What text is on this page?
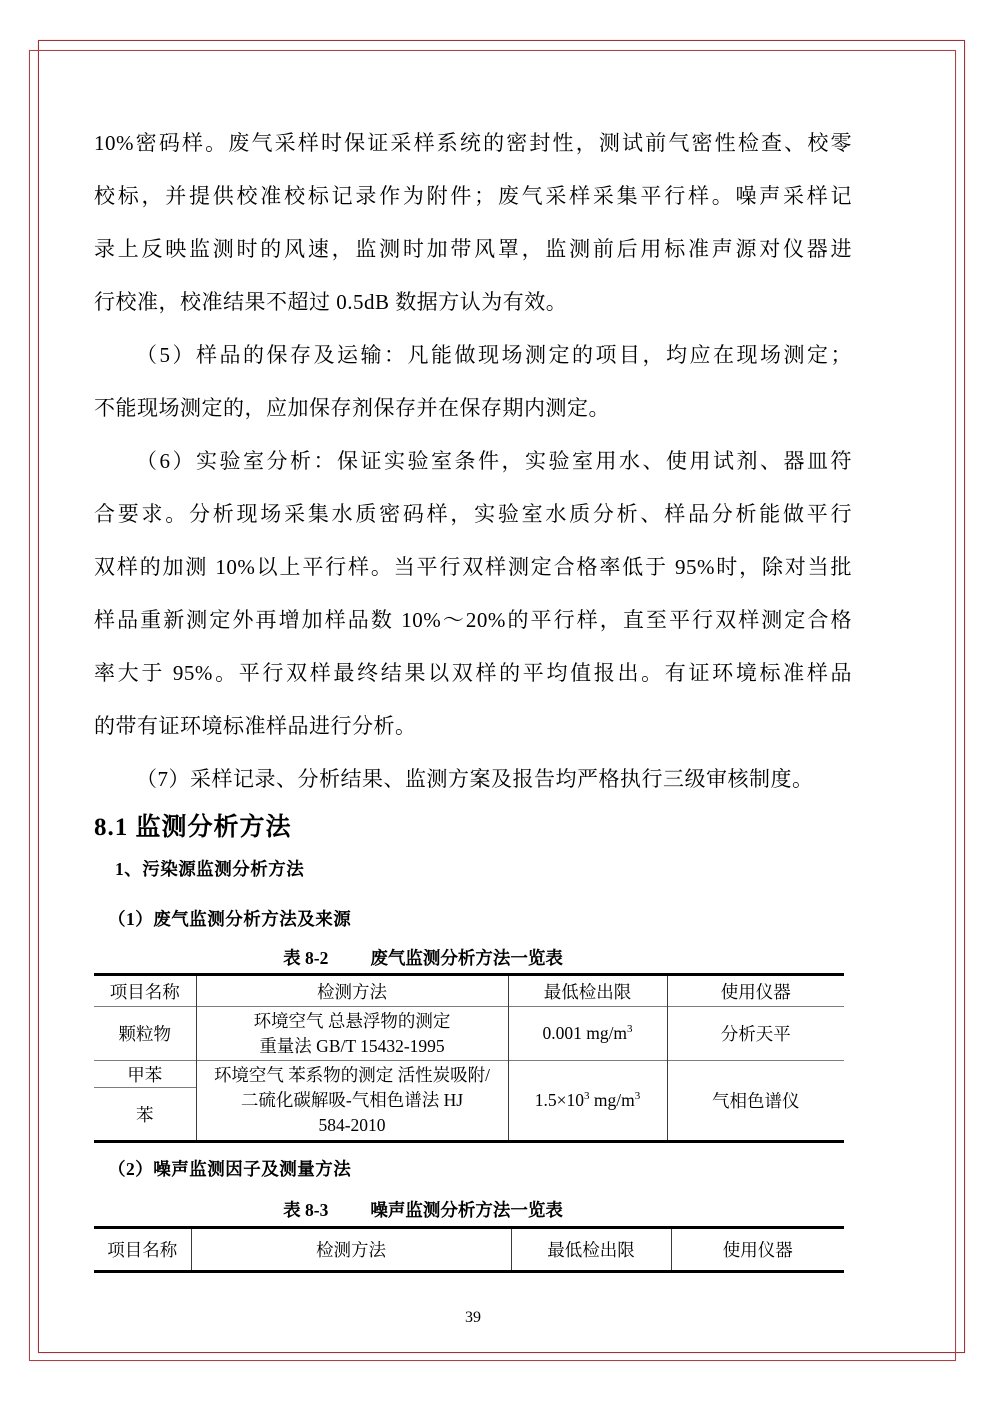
10%密码样。废气采样时保证采样系统的密封性，测试前气密性检查、校零
校标，并提供校准校标记录作为附件；废气采样采集平行样。噪声采样记
录上反映监测时的风速，监测时加带风罩，监测前后用标准声源对仪器进
行校准，校准结果不超过 0.5dB 数据方认为有效。
（5）样品的保存及运输：凡能做现场测定的项目，均应在现场测定；
不能现场测定的，应加保存剂保存并在保存期内测定。
（6）实验室分析：保证实验室条件，实验室用水、使用试剂、器皿符
合要求。分析现场采集水质密码样，实验室水质分析、样品分析能做平行
双样的加测 10%以上平行样。当平行双样测定合格率低于 95%时，除对当批
样品重新测定外再增加样品数 10%～20%的平行样，直至平行双样测定合格
率大于 95%。平行双样最终结果以双样的平均值报出。有证环境标准样品
的带有证环境标准样品进行分析。
（7）采样记录、分析结果、监测方案及报告均严格执行三级审核制度。
8.1 监测分析方法
1、污染源监测分析方法
（1）废气监测分析方法及来源
表 8-2 废气监测分析方法一览表
项目名称	检测方法	最低检出限	使用仪器
颗粒物	环境空气 总悬浮物的测定
重量法 GB/T 15432-1995	0.001 $mg/m^3$	分析天平
甲苯	环境空气 苯系物的测定 活性炭吸附/
二硫化碳解吸-气相色谱法 HJ
584-2010	$1.5\times 10^3$ $mg/m^3$	气相色谱仪
苯			
（2）噪声监测因子及测量方法
表 8-3 噪声监测分析方法一览表
项目名称	检测方法	最低检出限	使用仪器
39
